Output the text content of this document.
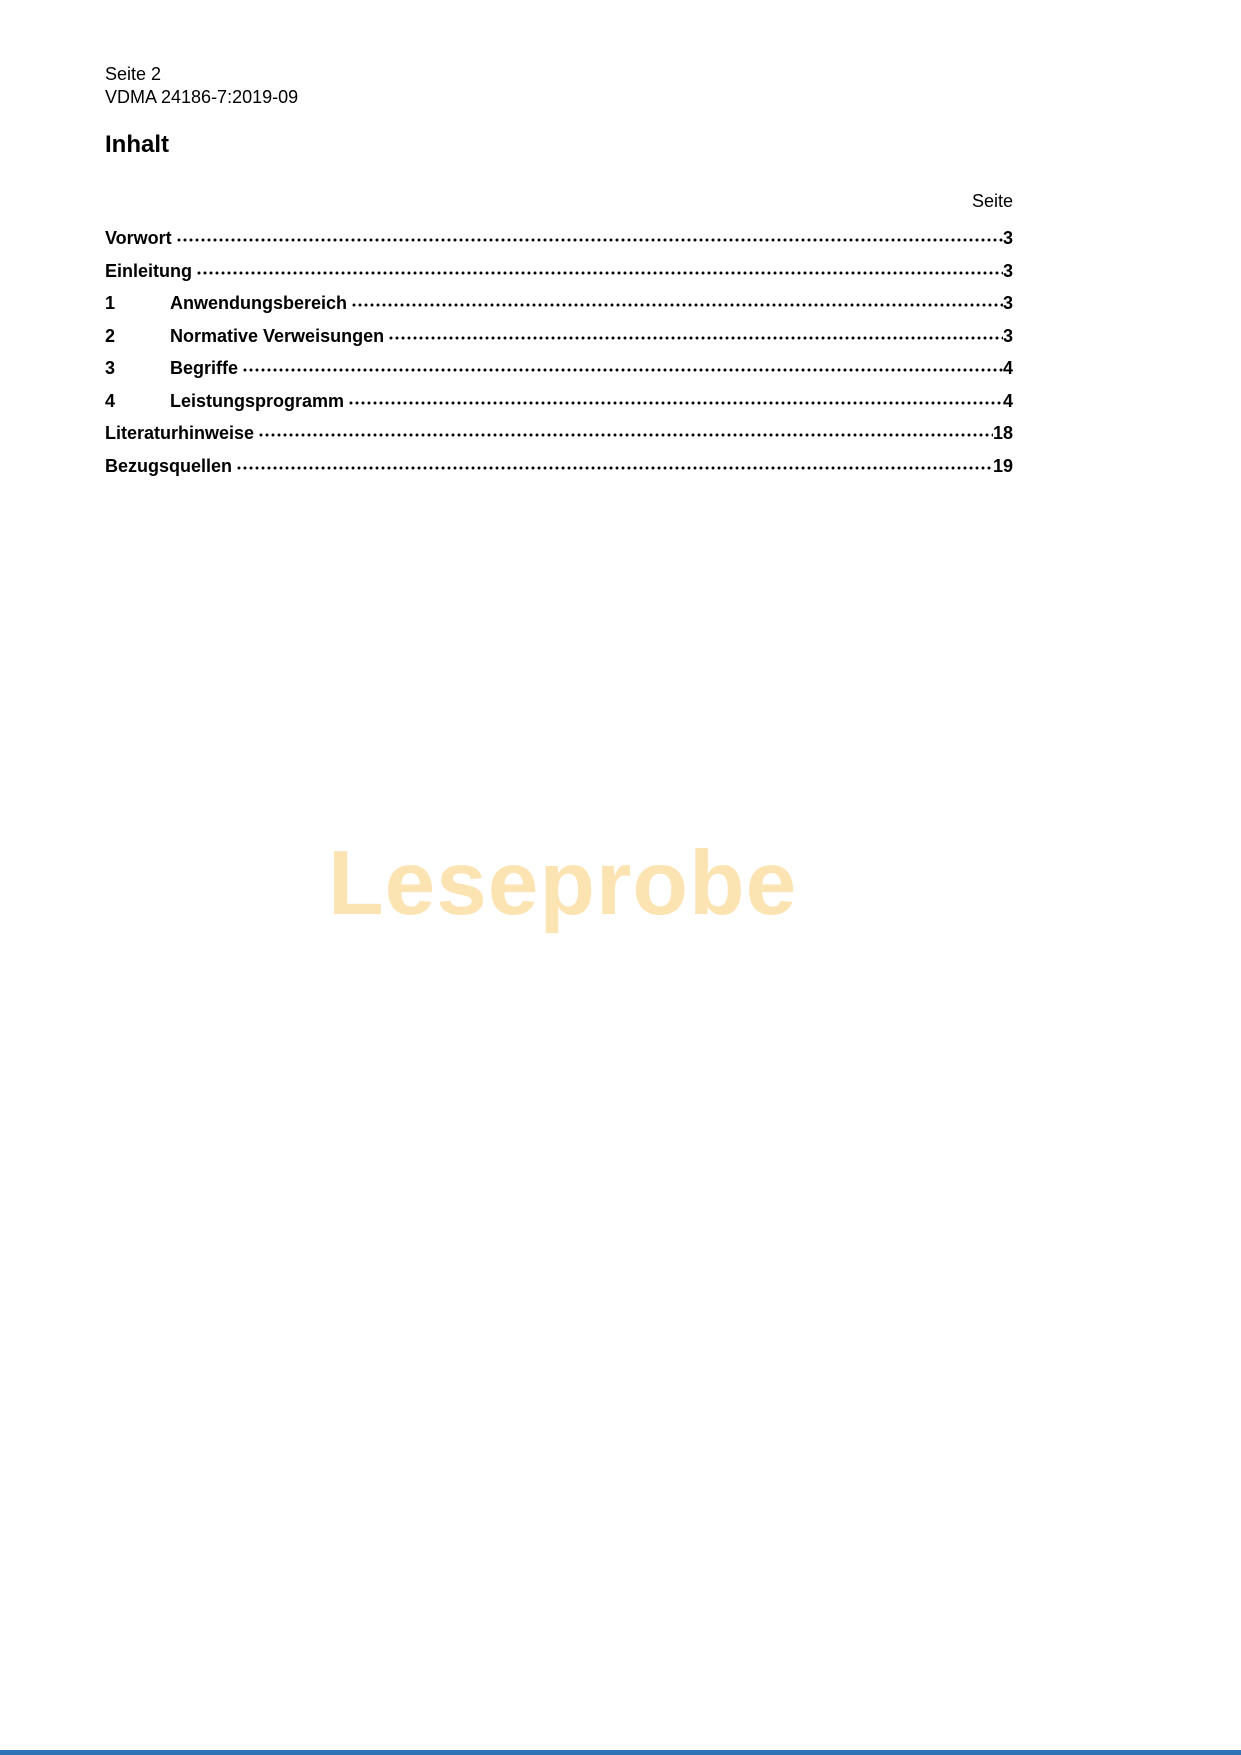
Seite 2
VDMA 24186-7:2019-09
Inhalt
Seite
Vorwort	3
Einleitung	3
1	Anwendungsbereich	3
2	Normative Verweisungen	3
3	Begriffe	4
4	Leistungsprogramm	4
Literaturhinweise	18
Bezugsquellen	19
Leseprobe
